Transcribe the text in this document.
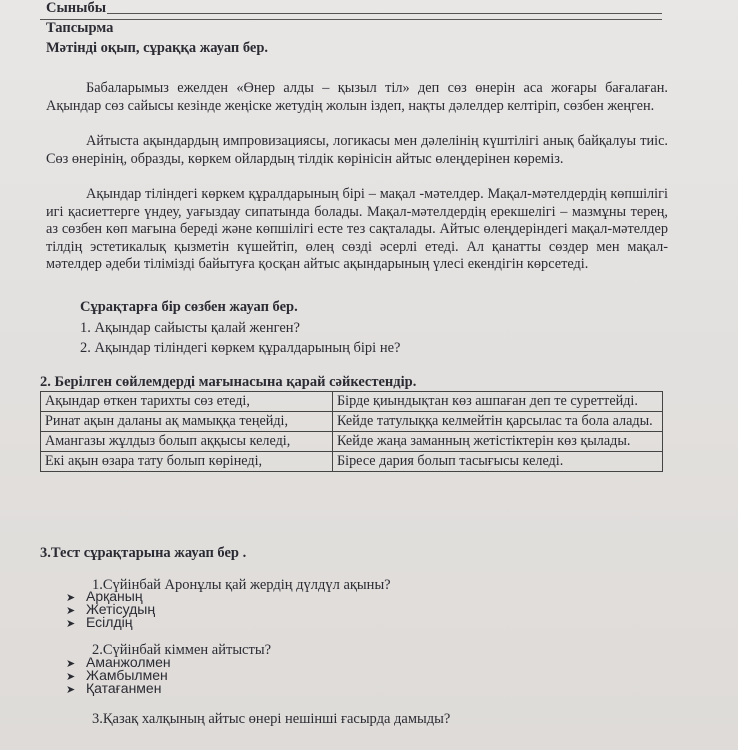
Сыныбы
Тапсырма
Мәтінді оқып, сұраққа жауап бер.
Бабаларымыз ежелден «Өнер алды – қызыл тіл» деп сөз өнерін аса жоғары бағалаған. Ақындар сөз сайысы кезінде жеңіске жетудің жолын іздеп, нақты дәлелдер келтіріп, сөзбен жеңген.
Айтыста ақындардың импровизациясы, логикасы мен дәлелінің күштілігі анық байқалуы тиіс. Сөз өнерінің, образды, көркем ойлардың тілдік көрінісін айтыс өлеңдерінен көреміз.
Ақындар тіліндегі көркем құралдарының бірі – мақал -мәтелдер. Мақал-мәтелдердің көпшілігі игі қасиеттерге үндеу, уағыздау сипатында болады. Мақал-мәтелдердің ерекшелігі – мазмұны терең, аз сөзбен көп мағына береді және көпшілігі есте тез сақталады. Айтыс өлеңдеріндегі мақал-мәтелдер тілдің эстетикалық қызметін күшейтіп, өлең сөзді әсерлі етеді. Ал қанатты сөздер мен мақал-мәтелдер әдеби тілімізді байытуға қосқан айтыс ақындарының үлесі екендігін көрсетеді.
Сұрақтарға бір сөзбен жауап бер.
1. Ақындар сайысты қалай женген?
2. Ақындар тіліндегі көркем құралдарының бірі не?
2. Берілген сөйлемдерді мағынасына қарай сәйкестендір.
Ақындар өткен тарихты сөз етеді,	Бірде қиындықтан көз ашпаған деп те суреттейді.
Ринат ақын даланы ақ мамыққа теңейді,	Кейде татулыққа келмейтін қарсылас та бола алады.
Амангазы жұлдыз болып аққысы келеді,	Кейде жаңа заманның жетістіктерін көз қылады.
Екі ақын өзара тату болып көрінеді,	Біресе дария болып тасығысы келеді.
3.Тест сұрақтарына жауап бер .
1.Сүйінбай Аронұлы қай жердің дүлдүл ақыны?
➤ Арқаның
➤ Жетісудың
➤ Есілдің
2.Сүйінбай кіммен айтысты?
➤ Аманжолмен
➤ Жамбылмен
➤ Қатағанмен
3.Қазақ халқының айтыс өнері нешінші ғасырда дамыды?
